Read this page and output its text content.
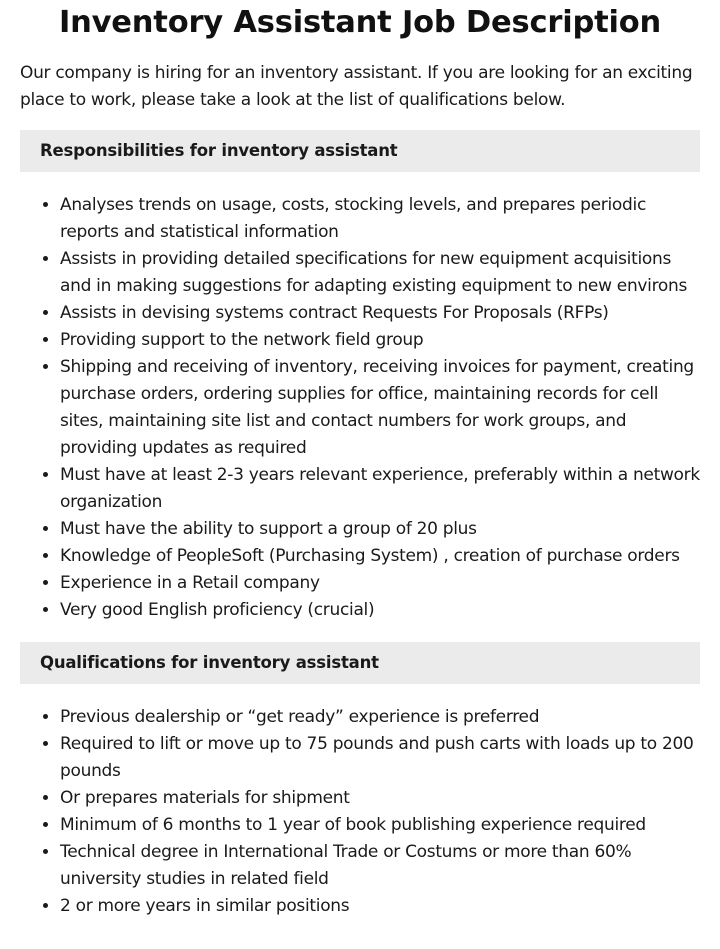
Inventory Assistant Job Description

Our company is hiring for an inventory assistant. If you are looking for an exciting place to work, please take a look at the list of qualifications below.

Responsibilities for inventory assistant
• Analyses trends on usage, costs, stocking levels, and prepares periodic reports and statistical information
• Assists in providing detailed specifications for new equipment acquisitions and in making suggestions for adapting existing equipment to new environs
• Assists in devising systems contract Requests For Proposals (RFPs)
• Providing support to the network field group
• Shipping and receiving of inventory, receiving invoices for payment, creating purchase orders, ordering supplies for office, maintaining records for cell sites, maintaining site list and contact numbers for work groups, and providing updates as required
• Must have at least 2-3 years relevant experience, preferably within a network organization
• Must have the ability to support a group of 20 plus
• Knowledge of PeopleSoft (Purchasing System) , creation of purchase orders
• Experience in a Retail company
• Very good English proficiency (crucial)
Qualifications for inventory assistant
• Previous dealership or “get ready” experience is preferred
• Required to lift or move up to 75 pounds and push carts with loads up to 200 pounds
• Or prepares materials for shipment
• Minimum of 6 months to 1 year of book publishing experience required
• Technical degree in International Trade or Costums or more than 60% university studies in related field
• 2 or more years in similar positions
